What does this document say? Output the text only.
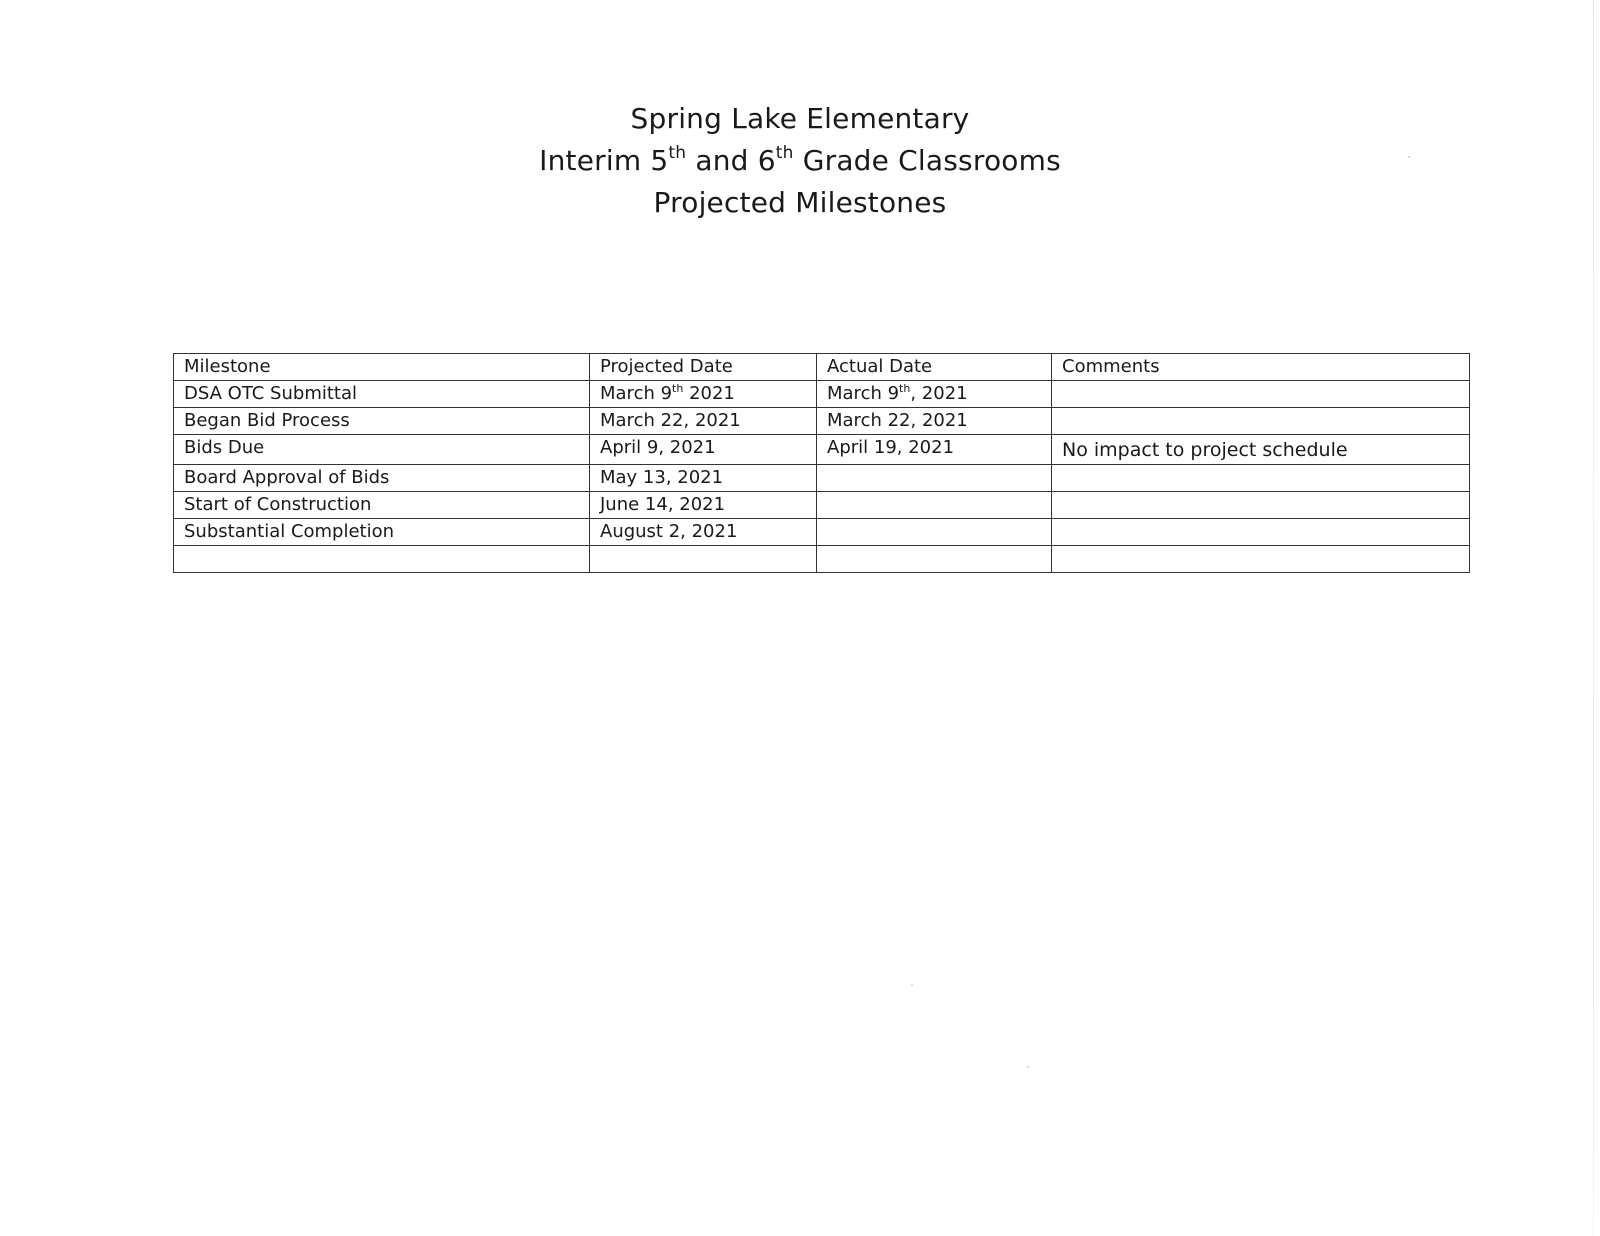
Spring Lake Elementary
Interim 5th and 6th Grade Classrooms
Projected Milestones
Milestone	Projected Date	Actual Date	Comments
DSA OTC Submittal	March 9th 2021	March 9th, 2021	
Began Bid Process	March 22, 2021	March 22, 2021	
Bids Due	April 9, 2021	April 19, 2021	No impact to project schedule
Board Approval of Bids	May 13, 2021		
Start of Construction	June 14, 2021		
Substantial Completion	August 2, 2021		
